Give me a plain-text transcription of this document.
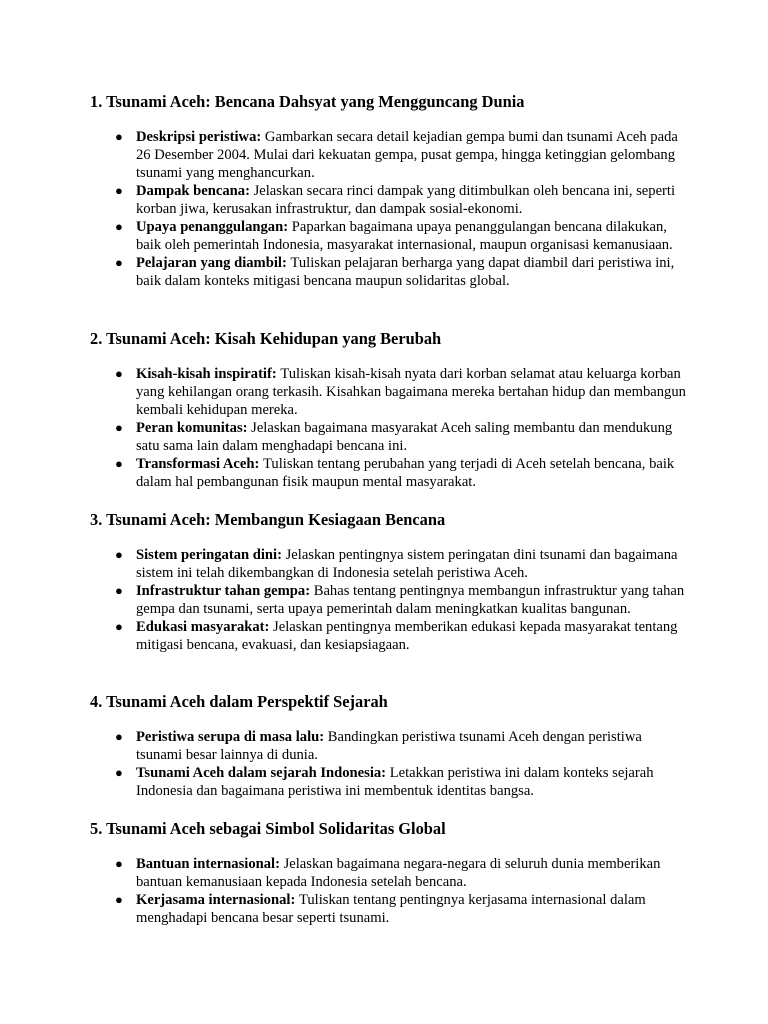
1. Tsunami Aceh: Bencana Dahsyat yang Mengguncang Dunia
● Deskripsi peristiwa: Gambarkan secara detail kejadian gempa bumi dan tsunami Aceh pada 26 Desember 2004. Mulai dari kekuatan gempa, pusat gempa, hingga ketinggian gelombang tsunami yang menghancurkan.
● Dampak bencana: Jelaskan secara rinci dampak yang ditimbulkan oleh bencana ini, seperti korban jiwa, kerusakan infrastruktur, dan dampak sosial-ekonomi.
● Upaya penanggulangan: Paparkan bagaimana upaya penanggulangan bencana dilakukan, baik oleh pemerintah Indonesia, masyarakat internasional, maupun organisasi kemanusiaan.
● Pelajaran yang diambil: Tuliskan pelajaran berharga yang dapat diambil dari peristiwa ini, baik dalam konteks mitigasi bencana maupun solidaritas global.
2. Tsunami Aceh: Kisah Kehidupan yang Berubah
● Kisah-kisah inspiratif: Tuliskan kisah-kisah nyata dari korban selamat atau keluarga korban yang kehilangan orang terkasih. Kisahkan bagaimana mereka bertahan hidup dan membangun kembali kehidupan mereka.
● Peran komunitas: Jelaskan bagaimana masyarakat Aceh saling membantu dan mendukung satu sama lain dalam menghadapi bencana ini.
● Transformasi Aceh: Tuliskan tentang perubahan yang terjadi di Aceh setelah bencana, baik dalam hal pembangunan fisik maupun mental masyarakat.
3. Tsunami Aceh: Membangun Kesiagaan Bencana
● Sistem peringatan dini: Jelaskan pentingnya sistem peringatan dini tsunami dan bagaimana sistem ini telah dikembangkan di Indonesia setelah peristiwa Aceh.
● Infrastruktur tahan gempa: Bahas tentang pentingnya membangun infrastruktur yang tahan gempa dan tsunami, serta upaya pemerintah dalam meningkatkan kualitas bangunan.
● Edukasi masyarakat: Jelaskan pentingnya memberikan edukasi kepada masyarakat tentang mitigasi bencana, evakuasi, dan kesiapsiagaan.
4. Tsunami Aceh dalam Perspektif Sejarah
● Peristiwa serupa di masa lalu: Bandingkan peristiwa tsunami Aceh dengan peristiwa tsunami besar lainnya di dunia.
● Tsunami Aceh dalam sejarah Indonesia: Letakkan peristiwa ini dalam konteks sejarah Indonesia dan bagaimana peristiwa ini membentuk identitas bangsa.
5. Tsunami Aceh sebagai Simbol Solidaritas Global
● Bantuan internasional: Jelaskan bagaimana negara-negara di seluruh dunia memberikan bantuan kemanusiaan kepada Indonesia setelah bencana.
● Kerjasama internasional: Tuliskan tentang pentingnya kerjasama internasional dalam menghadapi bencana besar seperti tsunami.
